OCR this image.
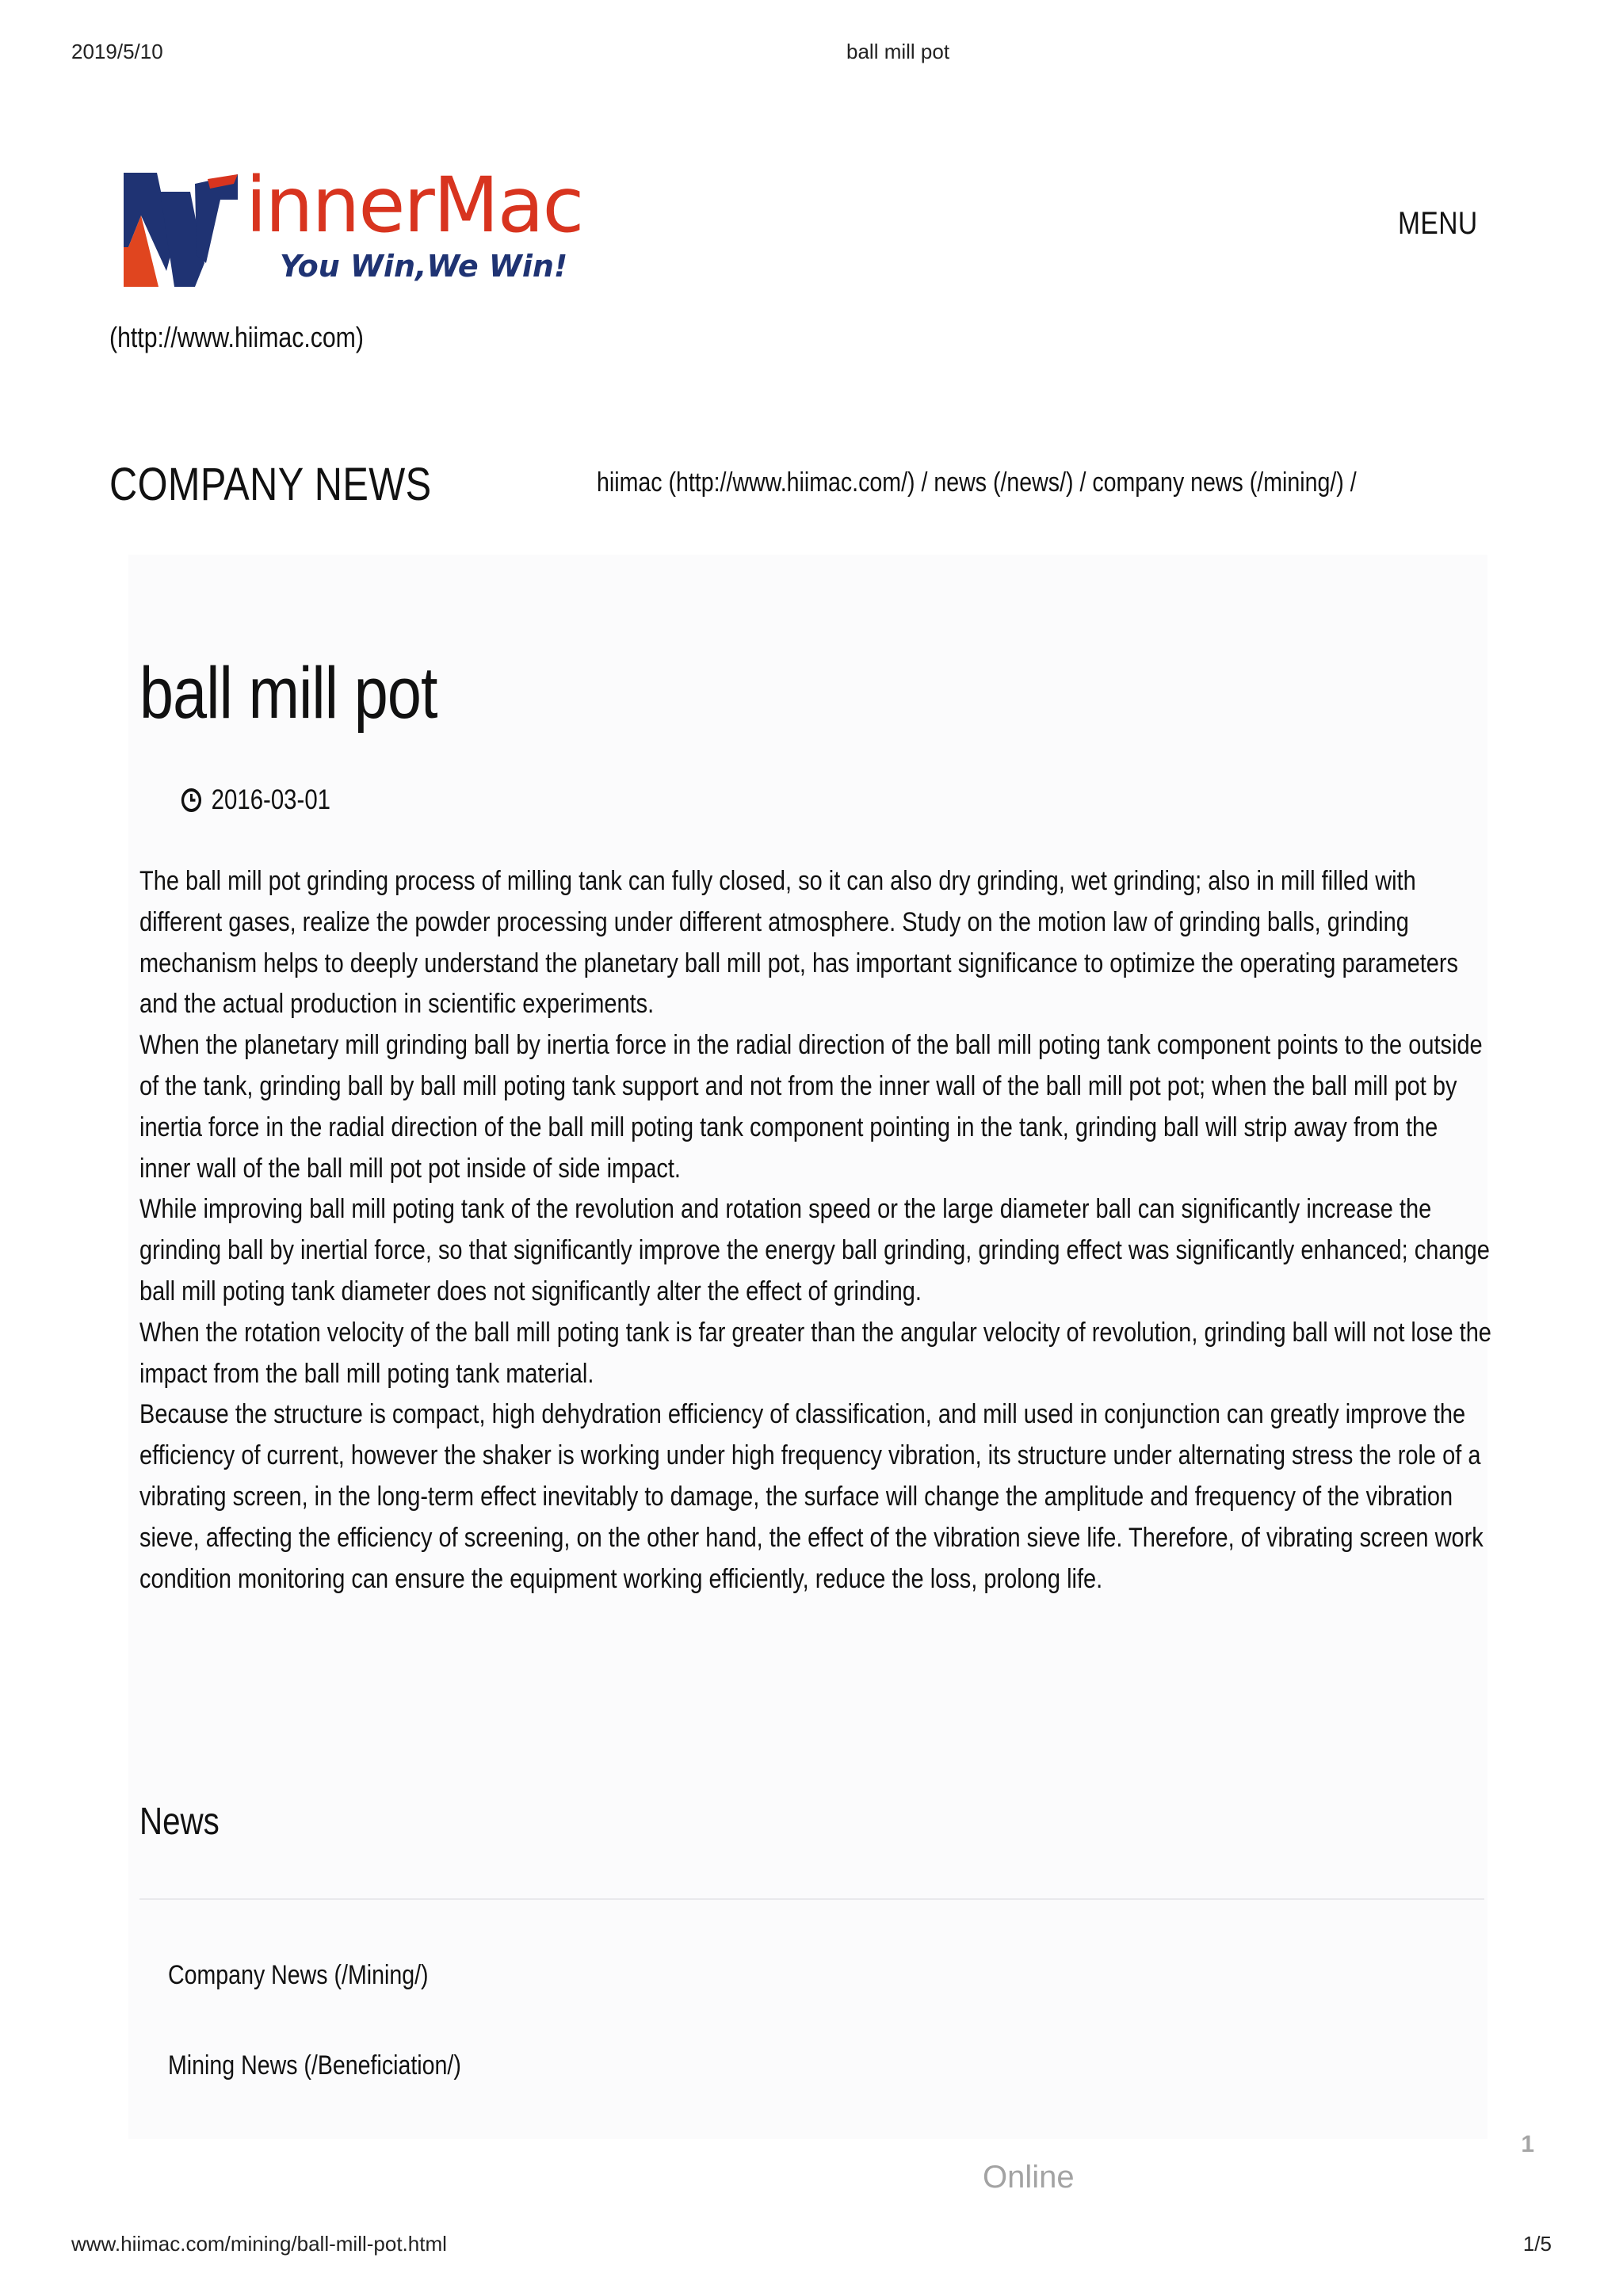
2019/5/10	ball mill pot
innerMac
You Win,We Win!
MENU
(http://www.hiimac.com)
COMPANY NEWS	hiimac (http://www.hiimac.com/) / news (/news/) / company news (/mining/) /
ball mill pot
2016-03-01

The ball mill pot grinding process of milling tank can fully closed, so it can also dry grinding, wet grinding; also in mill filled with different gases, realize the powder processing under different atmosphere. Study on the motion law of grinding balls, grinding mechanism helps to deeply understand the planetary ball mill pot, has important significance to optimize the operating parameters and the actual production in scientific experiments.

When the planetary mill grinding ball by inertia force in the radial direction of the ball mill poting tank component points to the outside of the tank, grinding ball by ball mill poting tank support and not from the inner wall of the ball mill pot pot; when the ball mill pot by inertia force in the radial direction of the ball mill poting tank component pointing in the tank, grinding ball will strip away from the inner wall of the ball mill pot pot inside of side impact.

While improving ball mill poting tank of the revolution and rotation speed or the large diameter ball can significantly increase the grinding ball by inertial force, so that significantly improve the energy ball grinding, grinding effect was significantly enhanced; change ball mill poting tank diameter does not significantly alter the effect of grinding.

When the rotation velocity of the ball mill poting tank is far greater than the angular velocity of revolution, grinding ball will not lose the impact from the ball mill poting tank material.

Because the structure is compact, high dehydration efficiency of classification, and mill used in conjunction can greatly improve the efficiency of current, however the shaker is working under high frequency vibration, its structure under alternating stress the role of a vibrating screen, in the long-term effect inevitably to damage, the surface will change the amplitude and frequency of the vibration sieve, affecting the efficiency of screening, on the other hand, the effect of the vibration sieve life. Therefore, of vibrating screen work condition monitoring can ensure the equipment working efficiently, reduce the loss, prolong life.

News
Company News (/Mining/)
Mining News (/Beneficiation/)
1
Online
www.hiimac.com/mining/ball-mill-pot.html	1/5
